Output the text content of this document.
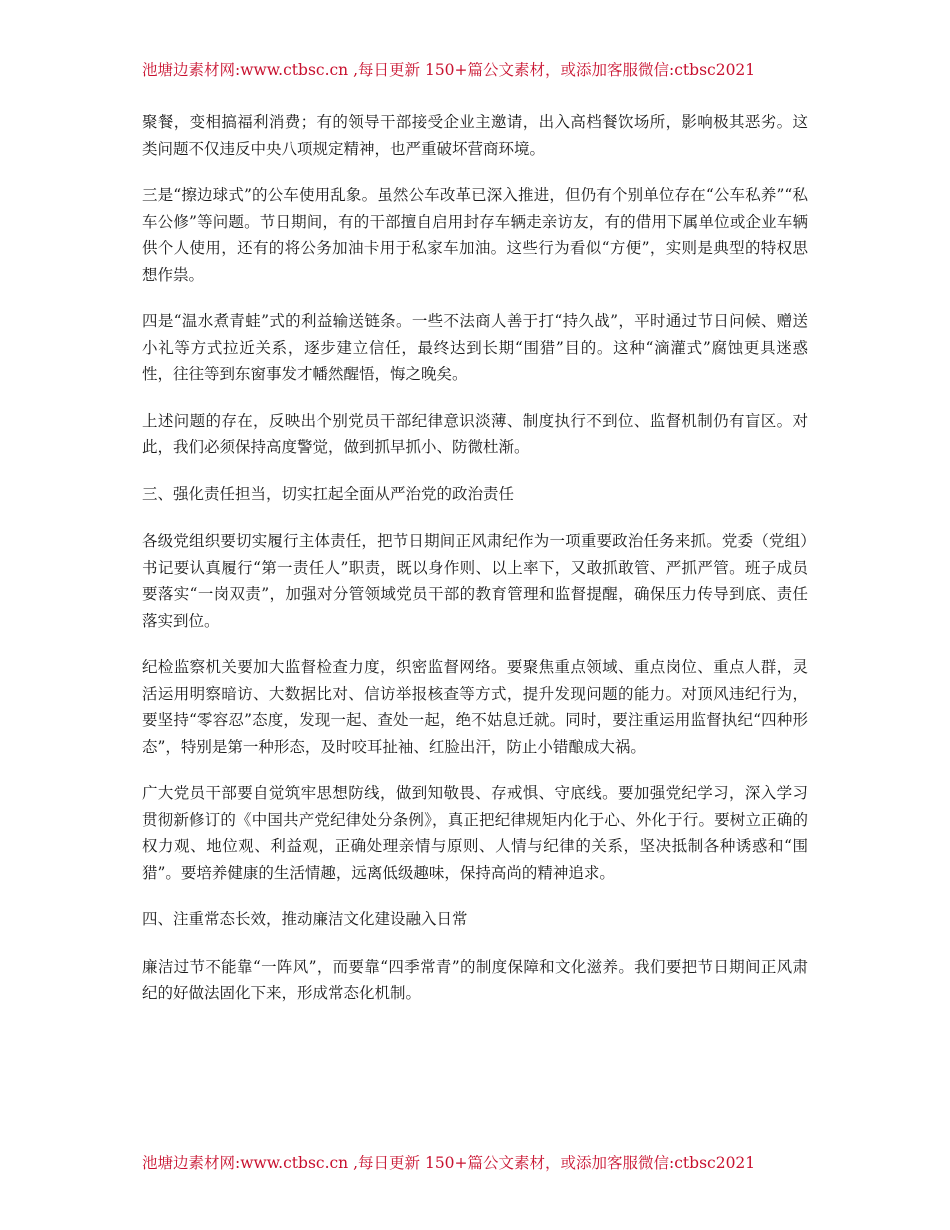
池塘边素材网:www.ctbsc.cn ,每日更新 150+篇公文素材，或添加客服微信:ctbsc2021

聚餐，变相搞福利消费；有的领导干部接受企业主邀请，出入高档餐饮场所，影响极其恶劣。这类问题不仅违反中央八项规定精神，也严重破坏营商环境。

三是“擦边球式”的公车使用乱象。虽然公车改革已深入推进，但仍有个别单位存在“公车私养”“私车公修”等问题。节日期间，有的干部擅自启用封存车辆走亲访友，有的借用下属单位或企业车辆供个人使用，还有的将公务加油卡用于私家车加油。这些行为看似“方便”，实则是典型的特权思想作祟。

四是“温水煮青蛙”式的利益输送链条。一些不法商人善于打“持久战”，平时通过节日问候、赠送小礼等方式拉近关系，逐步建立信任，最终达到长期“围猎”目的。这种“滴灌式”腐蚀更具迷惑性，往往等到东窗事发才幡然醒悟，悔之晚矣。

上述问题的存在，反映出个别党员干部纪律意识淡薄、制度执行不到位、监督机制仍有盲区。对此，我们必须保持高度警觉，做到抓早抓小、防微杜渐。

三、强化责任担当，切实扛起全面从严治党的政治责任

各级党组织要切实履行主体责任，把节日期间正风肃纪作为一项重要政治任务来抓。党委（党组）书记要认真履行“第一责任人”职责，既以身作则、以上率下，又敢抓敢管、严抓严管。班子成员要落实“一岗双责”，加强对分管领域党员干部的教育管理和监督提醒，确保压力传导到底、责任落实到位。

纪检监察机关要加大监督检查力度，织密监督网络。要聚焦重点领域、重点岗位、重点人群，灵活运用明察暗访、大数据比对、信访举报核查等方式，提升发现问题的能力。对顶风违纪行为，要坚持“零容忍”态度，发现一起、查处一起，绝不姑息迁就。同时，要注重运用监督执纪“四种形态”，特别是第一种形态，及时咬耳扯袖、红脸出汗，防止小错酿成大祸。

广大党员干部要自觉筑牢思想防线，做到知敬畏、存戒惧、守底线。要加强党纪学习，深入学习贯彻新修订的《中国共产党纪律处分条例》，真正把纪律规矩内化于心、外化于行。要树立正确的权力观、地位观、利益观，正确处理亲情与原则、人情与纪律的关系，坚决抵制各种诱惑和“围猎”。要培养健康的生活情趣，远离低级趣味，保持高尚的精神追求。

四、注重常态长效，推动廉洁文化建设融入日常

廉洁过节不能靠“一阵风”，而要靠“四季常青”的制度保障和文化滋养。我们要把节日期间正风肃纪的好做法固化下来，形成常态化机制。

池塘边素材网:www.ctbsc.cn ,每日更新 150+篇公文素材，或添加客服微信:ctbsc2021
